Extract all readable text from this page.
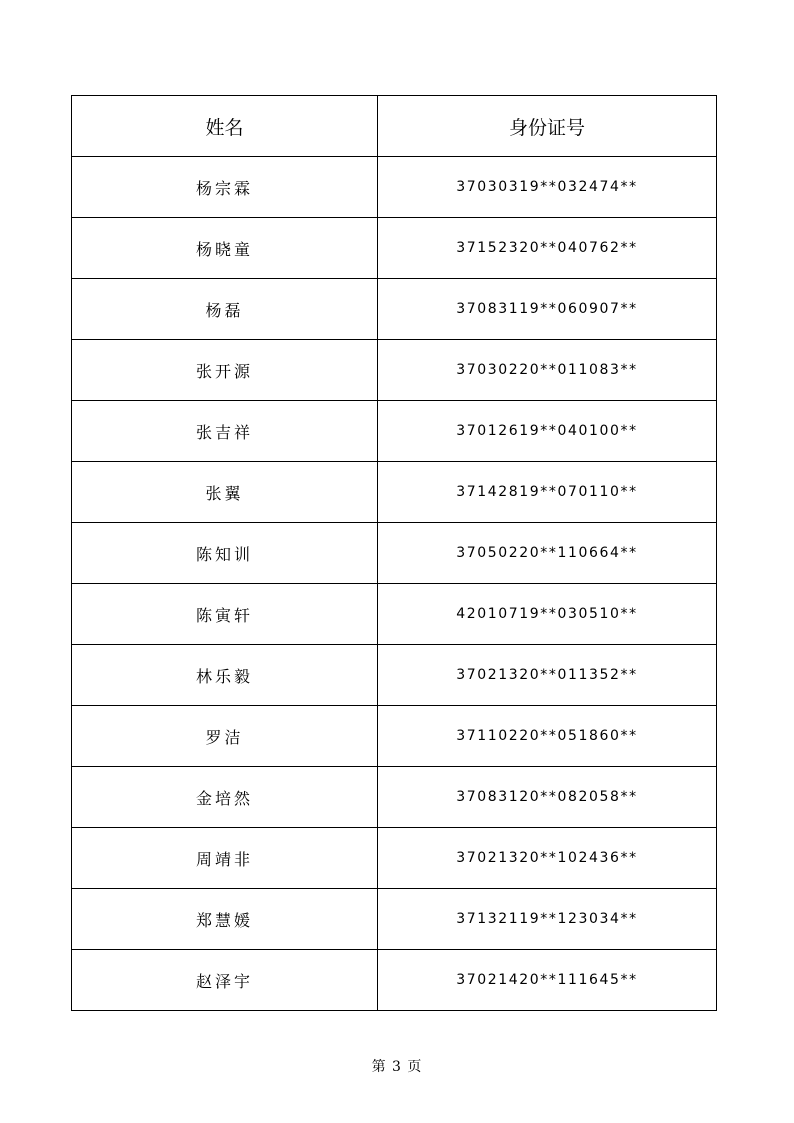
姓名	身份证号
杨宗霖	37030319**032474**
杨晓童	37152320**040762**
杨磊	37083119**060907**
张开源	37030220**011083**
张吉祥	37012619**040100**
张翼	37142819**070110**
陈知训	37050220**110664**
陈寅轩	42010719**030510**
林乐毅	37021320**011352**
罗洁	37110220**051860**
金培然	37083120**082058**
周靖非	37021320**102436**
郑慧媛	37132119**123034**
赵泽宇	37021420**111645**
第 3 页
